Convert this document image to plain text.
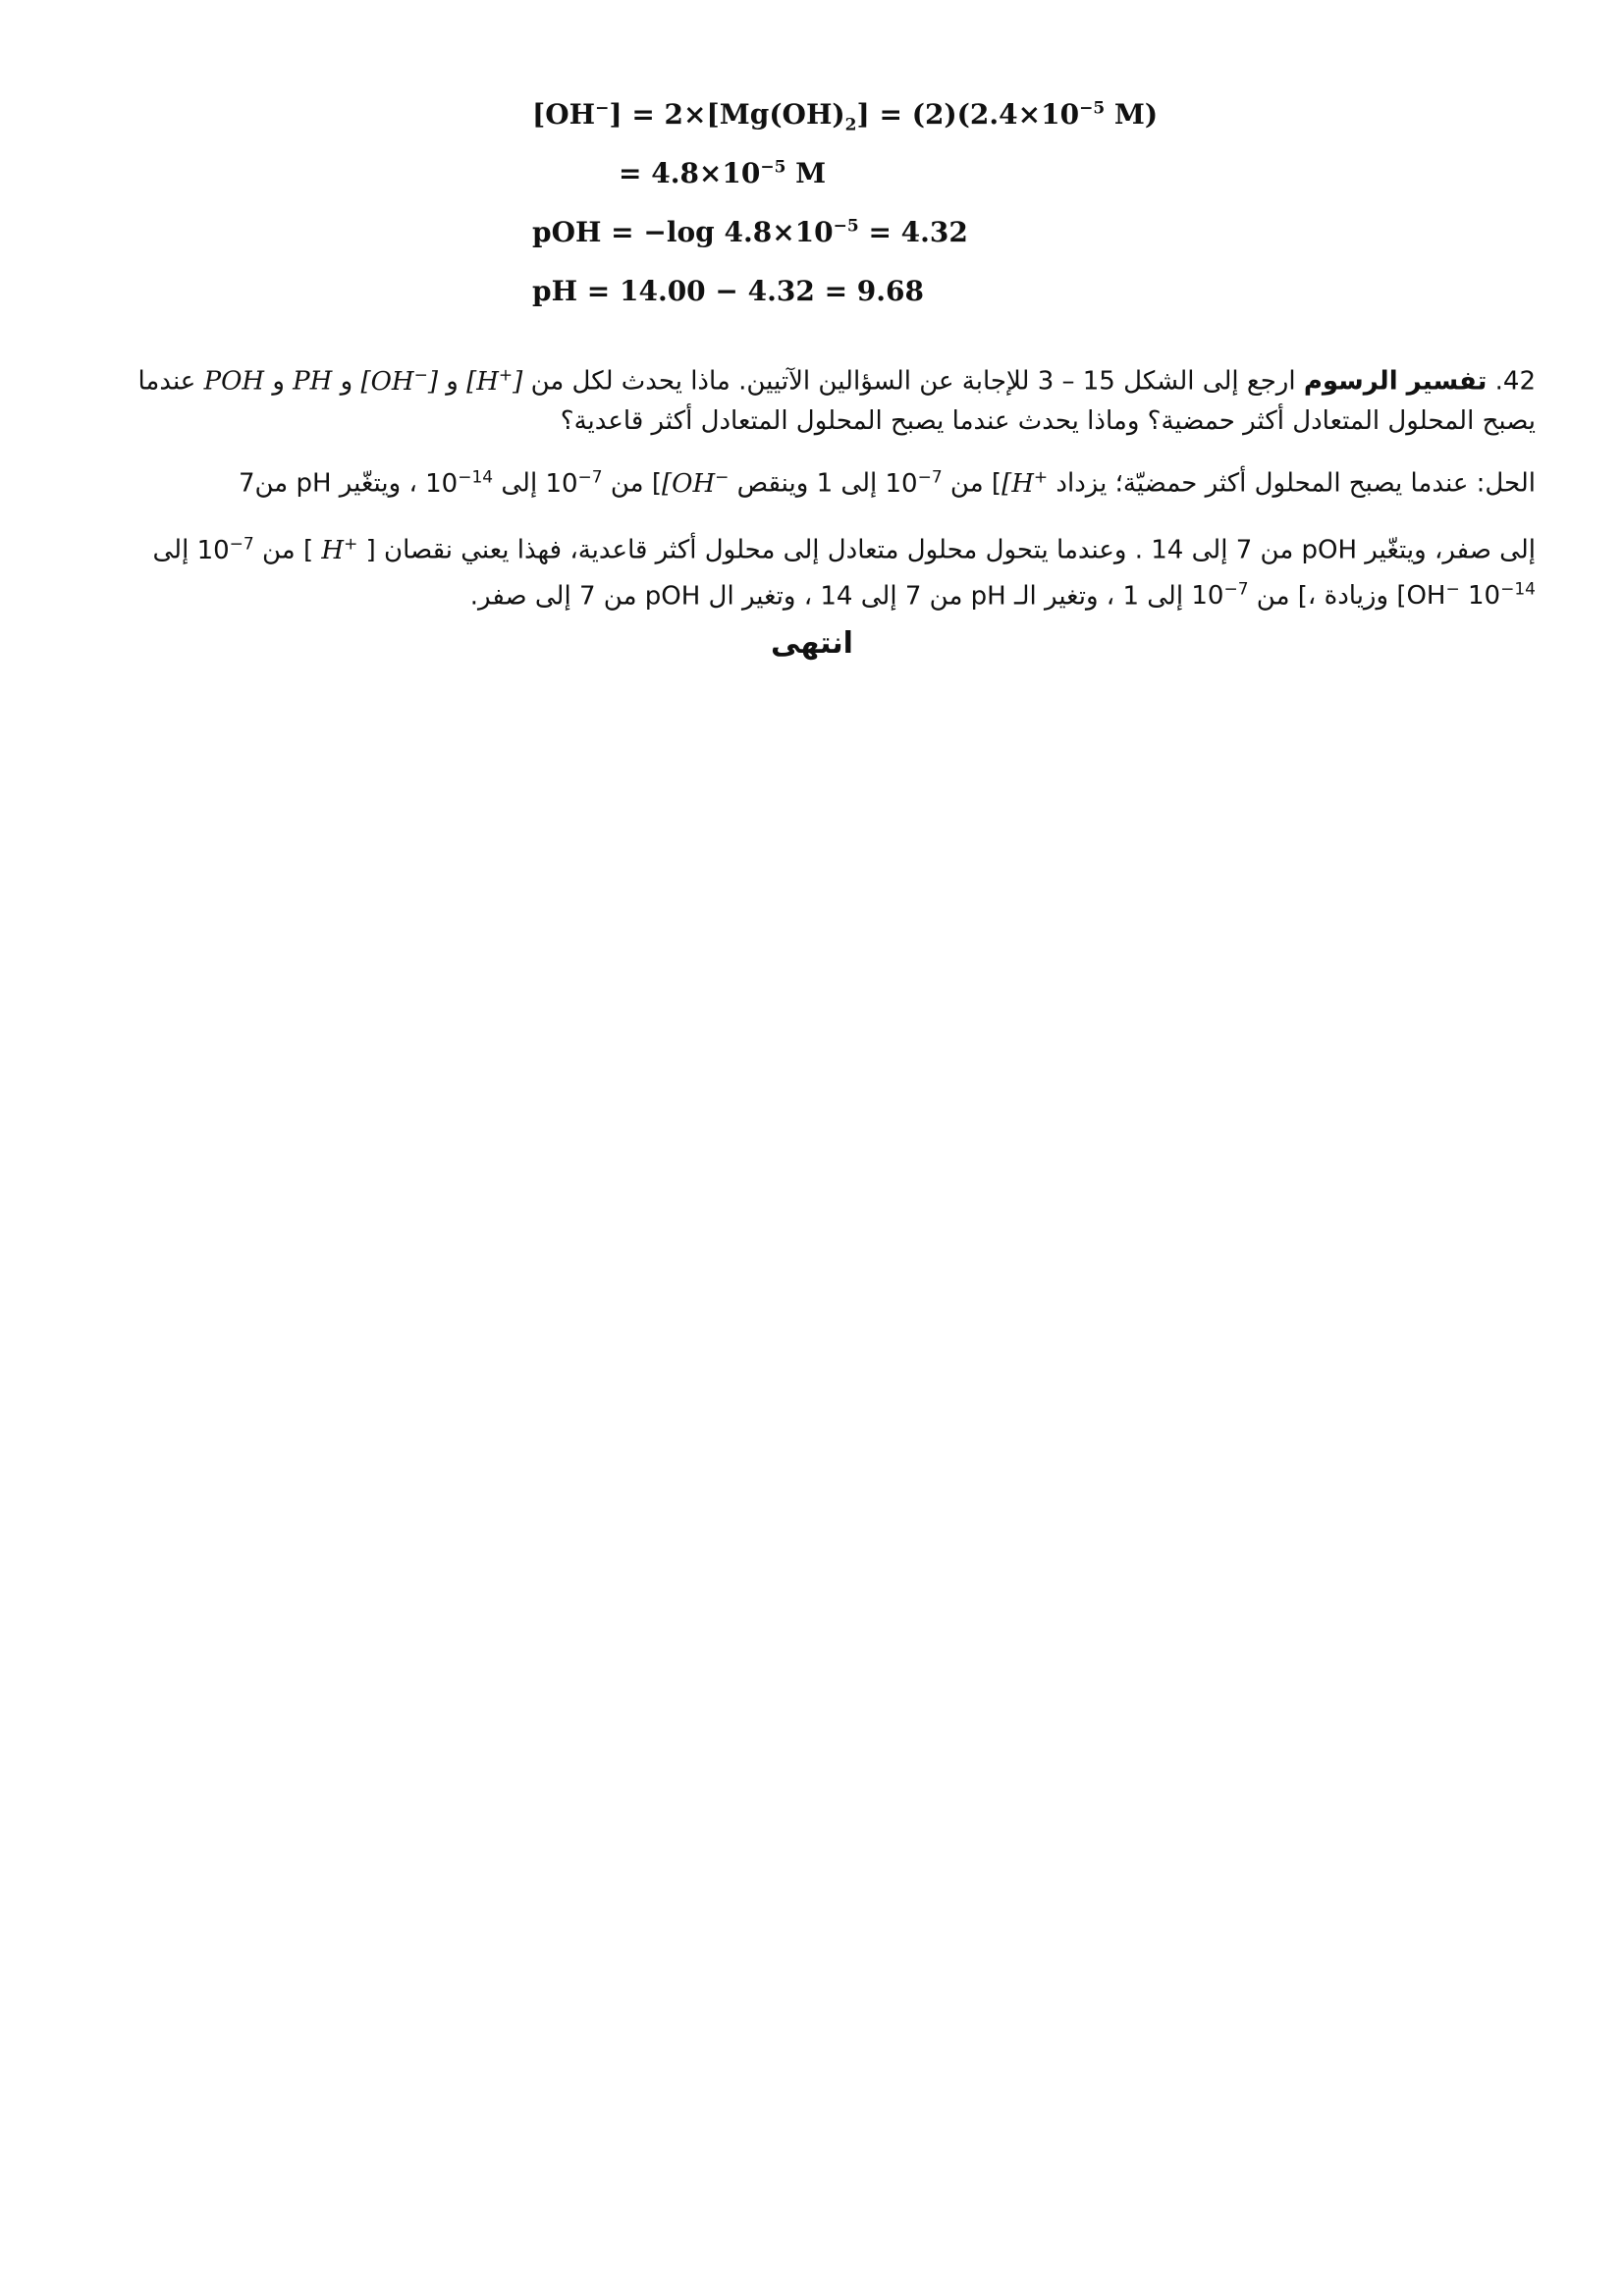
$[OH^-] = 2\times[Mg(OH)_2] = (2)(2.4\times 10^{-5}$ M)
= $4.8\times 10^{-5}$ M
pOH = −log $4.8\times 10^{-5} = 4.32$
pH = 14.00 − 4.32 = 9.68
42. تفسير الرسوم ارجع إلى الشكل 15 – 3 للإجابة عن السؤالين الآتيين. ماذا يحدث لكل من [H+] و [OH−] و PH و POH عندما يصبح المحلول المتعادل أكثر حمضية؟ وماذا يحدث عندما يصبح المحلول المتعادل أكثر قاعدية؟
الحل: عندما يصبح المحلول أكثر حمضيّة؛ يزداد [H+] من $10^{-7}$ إلى 1 وينقص [OH−] من $10^{-7}$ إلى $10^{-14}$ ، ويتغّير pH من7
إلى صفر، ويتغّير pOH من 7 إلى 14 . وعندما يتحول محلول متعادل إلى محلول أكثر قاعدية، فهذا يعني نقصان [ H+ ] من $10^{-7}$ إلى $10^{-14}$ ، وزيادة [OH−] من $10^{-7}$ إلى 1 ، وتغير الـ pH من 7 إلى 14 ، وتغير ال pOH من 7 إلى صفر.
انتهى
